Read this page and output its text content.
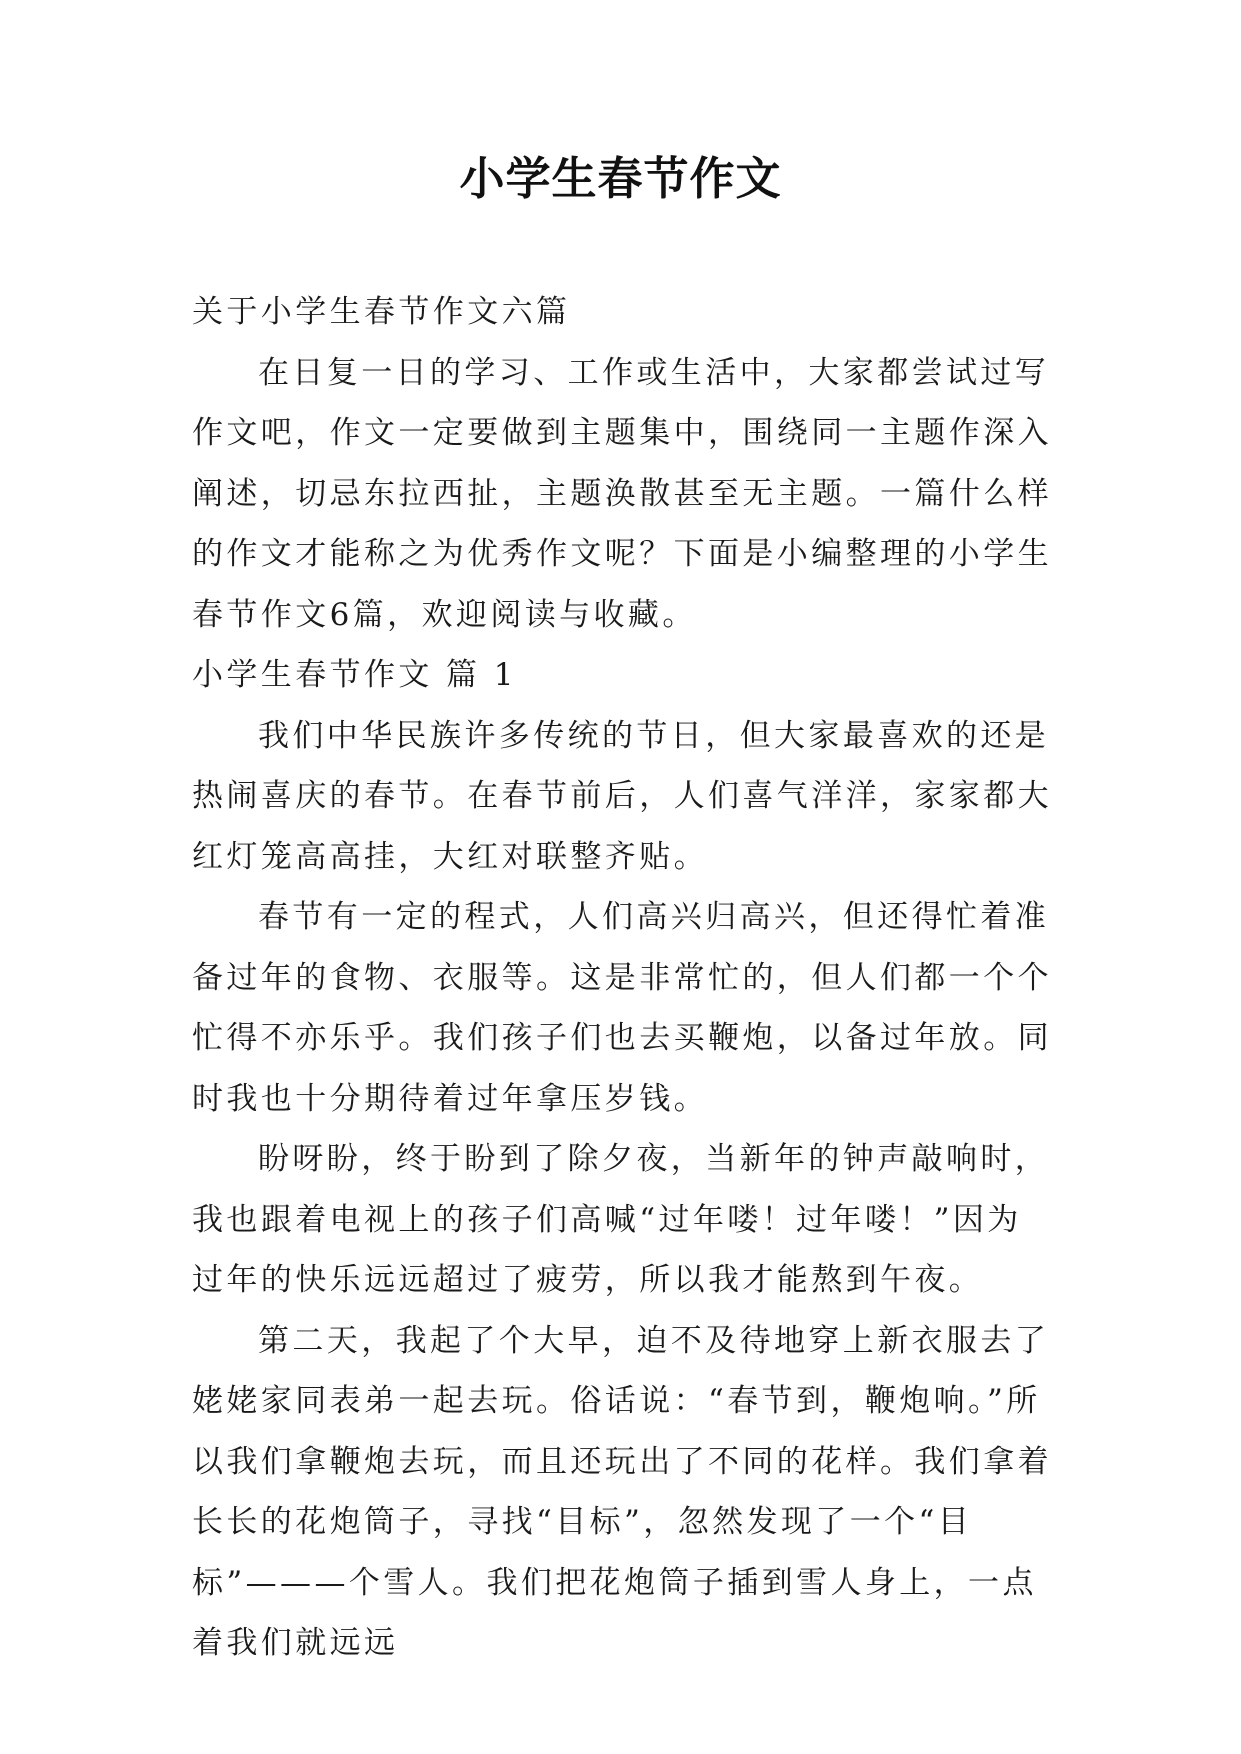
小学生春节作文

关于小学生春节作文六篇

在日复一日的学习、工作或生活中，大家都尝试过写作文吧，作文一定要做到主题集中，围绕同一主题作深入阐述，切忌东拉西扯，主题涣散甚至无主题。一篇什么样的作文才能称之为优秀作文呢？下面是小编整理的小学生春节作文6篇，欢迎阅读与收藏。

小学生春节作文 篇 1

我们中华民族许多传统的节日，但大家最喜欢的还是热闹喜庆的春节。在春节前后，人们喜气洋洋，家家都大红灯笼高高挂，大红对联整齐贴。

春节有一定的程式，人们高兴归高兴，但还得忙着准备过年的食物、衣服等。这是非常忙的，但人们都一个个忙得不亦乐乎。我们孩子们也去买鞭炮，以备过年放。同时我也十分期待着过年拿压岁钱。

盼呀盼，终于盼到了除夕夜，当新年的钟声敲响时，我也跟着电视上的孩子们高喊“过年喽！过年喽！”因为过年的快乐远远超过了疲劳，所以我才能熬到午夜。

第二天，我起了个大早，迫不及待地穿上新衣服去了姥姥家同表弟一起去玩。俗话说：“春节到，鞭炮响。”所以我们拿鞭炮去玩，而且还玩出了不同的花样。我们拿着长长的花炮筒子，寻找“目标”，忽然发现了一个“目标”———个雪人。我们把花炮筒子插到雪人身上，一点着我们就远远
